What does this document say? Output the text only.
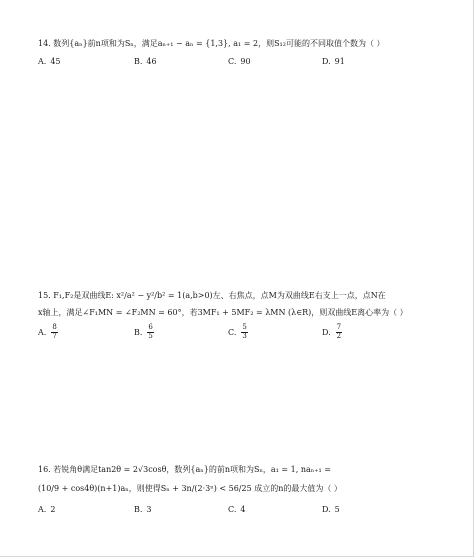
14. 数列{aₙ}前n项和为Sₙ，满足aₙ₊₁ − aₙ = {1,3}, a₁ = 2，则S₁₂可能的不同取值个数为（ ）
A. 45	B. 46	C. 90	D. 91
15. F₁,F₂是双曲线E: x²/a² − y²/b² = 1(a,b>0)左、右焦点，点M为双曲线E右支上一点，点N在
x轴上，满足∠F₁MN = ∠F₂MN = 60°，若3MF₁ + 5MF₂ = λMN (λ∈R)，则双曲线E离心率为（ ）
A. $\frac{8}{7}$	B. $\frac{6}{5}$	C. $\frac{5}{3}$	D. $\frac{7}{2}$
16. 若锐角θ满足tan2θ = 2√3cosθ，数列{aₙ}的前n项和为Sₙ，a₁ = 1, naₙ₊₁ =
(10/9 + cos4θ)(n+1)aₙ，则使得Sₙ + 3n/(2·3ⁿ) < 56/25 成立的n的最大值为（ ）
A. 2	B. 3	C. 4	D. 5
